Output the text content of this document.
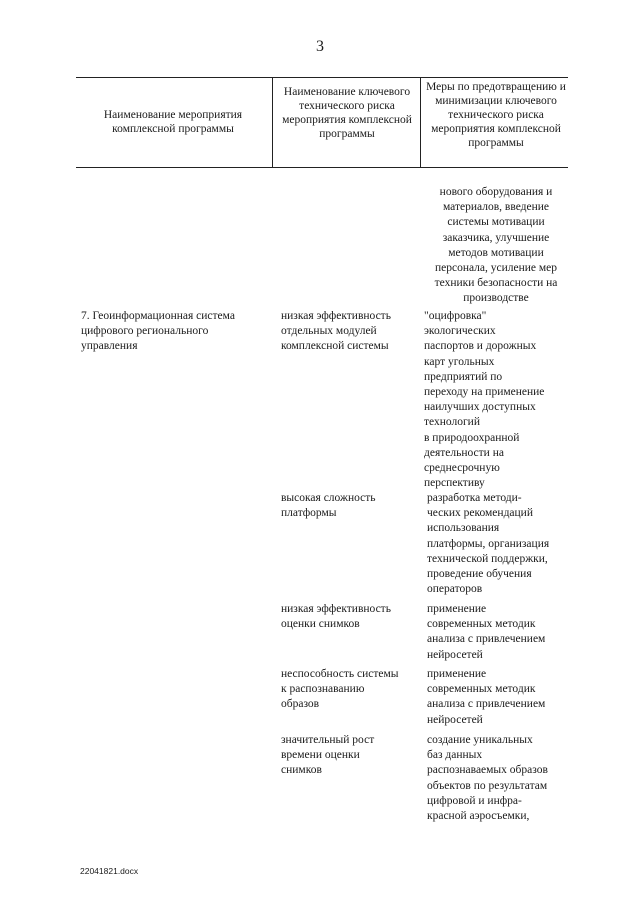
3
Наименование мероприятия комплексной программы
Наименование ключевого технического риска мероприятия комплексной программы
Меры по предотвращению и минимизации ключевого технического риска мероприятия комплексной программы
нового оборудования и
материалов, введение
системы мотивации
заказчика, улучшение
методов мотивации
персонала, усиление мер
техники безопасности на
производстве
7. Геоинформационная система
цифрового регионального
управления
низкая эффективность
отдельных модулей
комплексной системы
"оцифровка"
экологических
паспортов и дорожных
карт угольных
предприятий по
переходу на применение
наилучших доступных
технологий
в природоохранной
деятельности на
среднесрочную
перспективу
высокая сложность
платформы
разработка методи-
ческих рекомендаций
использования
платформы, организация
технической поддержки,
проведение обучения
операторов
низкая эффективность
оценки снимков
применение
современных методик
анализа с привлечением
нейросетей
неспособность системы
к распознаванию
образов
применение
современных методик
анализа с привлечением
нейросетей
значительный рост
времени оценки
снимков
создание уникальных
баз данных
распознаваемых образов
объектов по результатам
цифровой и инфра-
красной аэросъемки,
22041821.docx
